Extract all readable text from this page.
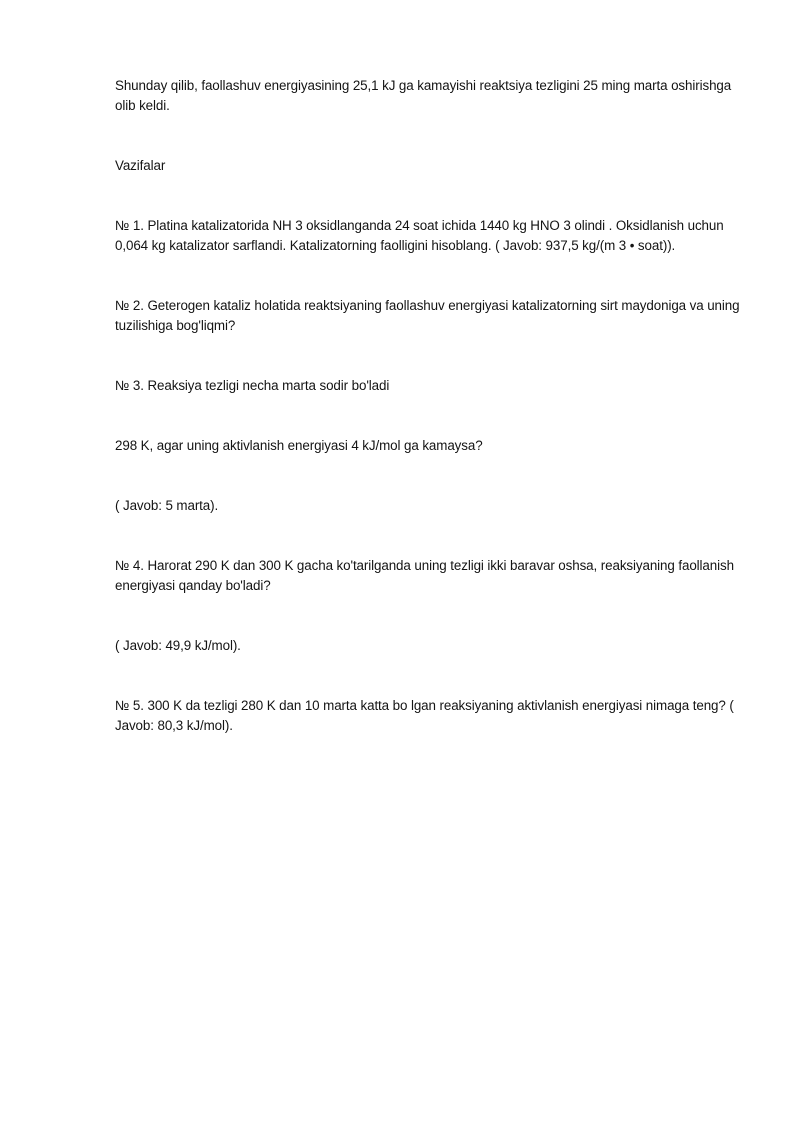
Shunday qilib, faollashuv energiyasining 25,1 kJ ga kamayishi reaktsiya tezligini 25 ming marta oshirishga olib keldi.

Vazifalar

№ 1. Platina katalizatorida NH 3 oksidlanganda 24 soat ichida 1440 kg HNO 3 olindi . Oksidlanish uchun 0,064 kg katalizator sarflandi. Katalizatorning faolligini hisoblang. ( Javob: 937,5 kg/(m 3 • soat)).

№ 2. Geterogen kataliz holatida reaktsiyaning faollashuv energiyasi katalizatorning sirt maydoniga va uning tuzilishiga bog'liqmi?

№ 3. Reaksiya tezligi necha marta sodir bo'ladi

298 K, agar uning aktivlanish energiyasi 4 kJ/mol ga kamaysa?

( Javob: 5 marta).

№ 4. Harorat 290 K dan 300 K gacha ko'tarilganda uning tezligi ikki baravar oshsa, reaksiyaning faollanish energiyasi qanday bo'ladi?

( Javob: 49,9 kJ/mol).

№ 5. 300 K da tezligi 280 K dan 10 marta katta bo lgan reaksiyaning aktivlanish energiyasi nimaga teng? ( Javob: 80,3 kJ/mol).
